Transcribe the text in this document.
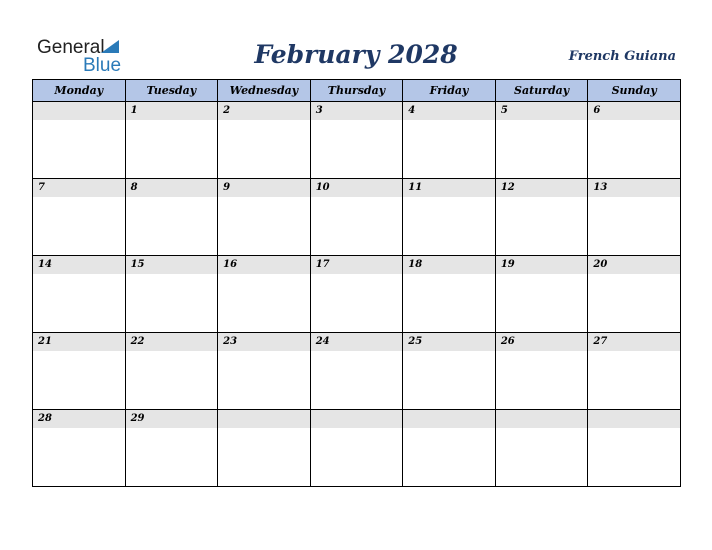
General
Blue	February 2028	French Guiana
Monday	Tuesday	Wednesday	Thursday	Friday	Saturday	Sunday

	1	2	3	4	5	6

7	8	9	10	11	12	13

14	15	16	17	18	19	20

21	22	23	24	25	26	27

28	29					
